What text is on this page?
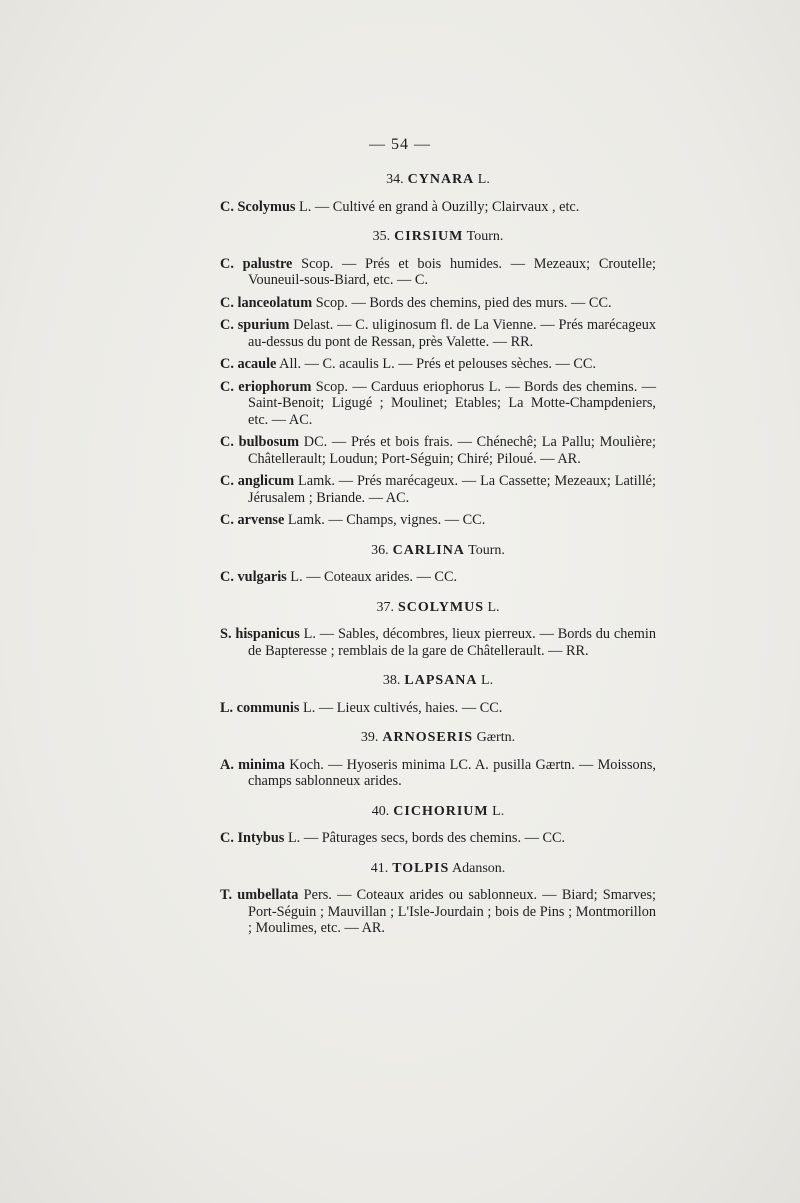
— 54 —
34. CYNARA L.
C. Scolymus L. — Cultivé en grand à Ouzilly; Clairvaux , etc.
35. CIRSIUM Tourn.
C. palustre Scop. — Prés et bois humides. — Mezeaux; Croutelle; Vouneuil-sous-Biard, etc. — C.
C. lanceolatum Scop. — Bords des chemins, pied des murs. — CC.
C. spurium Delast. — C. uliginosum fl. de La Vienne. — Prés marécageux au-dessus du pont de Ressan, près Valette. — RR.
C. acaule All. — C. acaulis L. — Prés et pelouses sèches. — CC.
C. eriophorum Scop. — Carduus eriophorus L. — Bords des chemins. — Saint-Benoit; Ligugé ; Moulinet; Etables; La Motte-Champdeniers, etc. — AC.
C. bulbosum DC. — Prés et bois frais. — Chénechê; La Pallu; Moulière; Châtellerault; Loudun; Port-Séguin; Chiré; Piloué. — AR.
C. anglicum Lamk. — Prés marécageux. — La Cassette; Mezeaux; Latillé; Jérusalem ; Briande. — AC.
C. arvense Lamk. — Champs, vignes. — CC.
36. CARLINA Tourn.
C. vulgaris L. — Coteaux arides. — CC.
37. SCOLYMUS L.
S. hispanicus L. — Sables, décombres, lieux pierreux. — Bords du chemin de Bapteresse ; remblais de la gare de Châtellerault. — RR.
38. LAPSANA L.
L. communis L. — Lieux cultivés, haies. — CC.
39. ARNOSERIS Gærtn.
A. minima Koch. — Hyoseris minima LC. A. pusilla Gærtn. — Moissons, champs sablonneux arides.
40. CICHORIUM L.
C. Intybus L. — Pâturages secs, bords des chemins. — CC.
41. TOLPIS Adanson.
T. umbellata Pers. — Coteaux arides ou sablonneux. — Biard; Smarves; Port-Séguin ; Mauvillan ; L'Isle-Jourdain ; bois de Pins ; Montmorillon ; Moulimes, etc. — AR.
